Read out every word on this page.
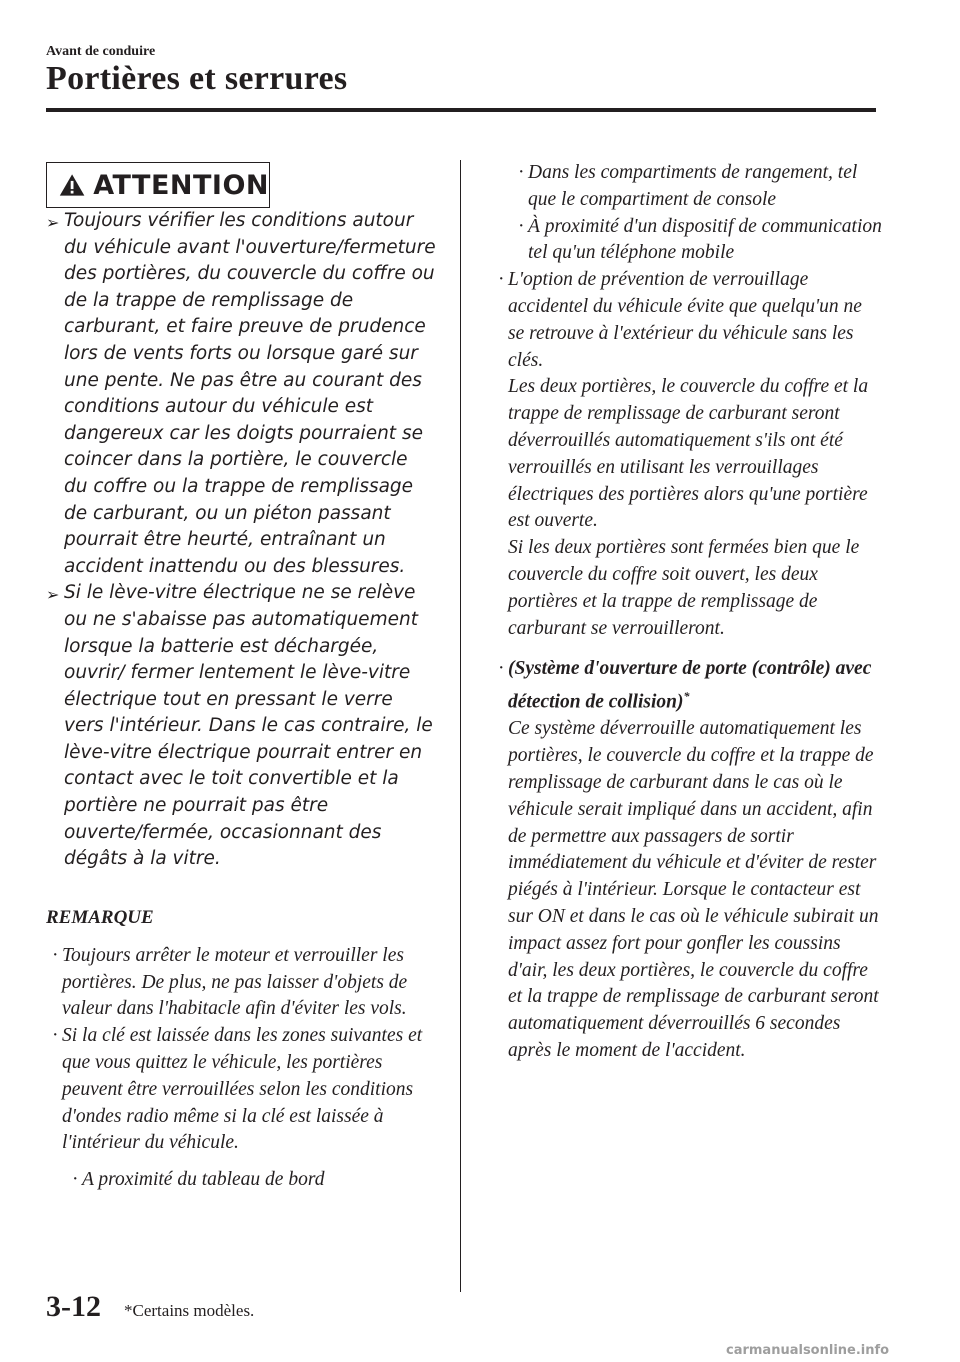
Avant de conduire
Portières et serrures
ATTENTION
➢ Toujours vérifier les conditions autour du véhicule avant l'ouverture/fermeture des portières, du couvercle du coffre ou de la trappe de remplissage de carburant, et faire preuve de prudence lors de vents forts ou lorsque garé sur une pente. Ne pas être au courant des conditions autour du véhicule est dangereux car les doigts pourraient se coincer dans la portière, le couvercle du coffre ou la trappe de remplissage de carburant, ou un piéton passant pourrait être heurté, entraînant un accident inattendu ou des blessures.
➢ Si le lève-vitre électrique ne se relève ou ne s'abaisse pas automatiquement lorsque la batterie est déchargée, ouvrir/ fermer lentement le lève-vitre électrique tout en pressant le verre vers l'intérieur. Dans le cas contraire, le lève-vitre électrique pourrait entrer en contact avec le toit convertible et la portière ne pourrait pas être ouverte/fermée, occasionnant des dégâts à la vitre.
REMARQUE
· Toujours arrêter le moteur et verrouiller les portières. De plus, ne pas laisser d'objets de valeur dans l'habitacle afin d'éviter les vols.
· Si la clé est laissée dans les zones suivantes et que vous quittez le véhicule, les portières peuvent être verrouillées selon les conditions d'ondes radio même si la clé est laissée à l'intérieur du véhicule.
· A proximité du tableau de bord
· Dans les compartiments de rangement, tel que le compartiment de console
· À proximité d'un dispositif de communication tel qu'un téléphone mobile
· L'option de prévention de verrouillage accidentel du véhicule évite que quelqu'un ne se retrouve à l'extérieur du véhicule sans les clés.
Les deux portières, le couvercle du coffre et la trappe de remplissage de carburant seront déverrouillés automatiquement s'ils ont été verrouillés en utilisant les verrouillages électriques des portières alors qu'une portière est ouverte.
Si les deux portières sont fermées bien que le couvercle du coffre soit ouvert, les deux portières et la trappe de remplissage de carburant se verrouilleront.
· (Système d'ouverture de porte (contrôle) avec détection de collision)*
Ce système déverrouille automatiquement les portières, le couvercle du coffre et la trappe de remplissage de carburant dans le cas où le véhicule serait impliqué dans un accident, afin de permettre aux passagers de sortir immédiatement du véhicule et d'éviter de rester piégés à l'intérieur. Lorsque le contacteur est sur ON et dans le cas où le véhicule subirait un impact assez fort pour gonfler les coussins d'air, les deux portières, le couvercle du coffre et la trappe de remplissage de carburant seront automatiquement déverrouillés 6 secondes après le moment de l'accident.
3-12 *Certains modèles.
carmanualsonline.info
